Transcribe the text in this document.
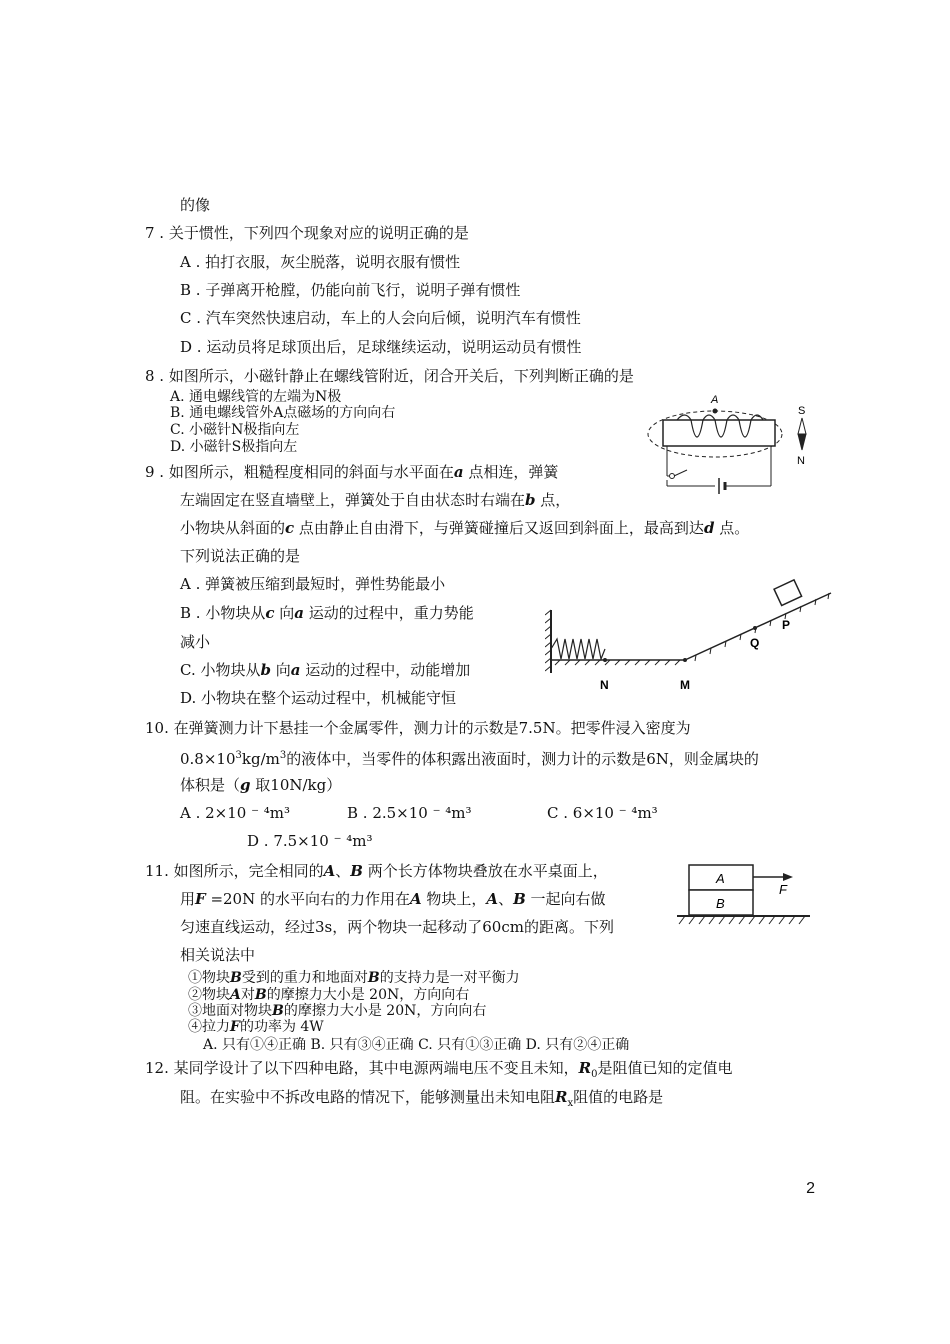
的像
7 . 关于惯性，下列四个现象对应的说明正确的是
A . 拍打衣服，灰尘脱落，说明衣服有惯性
B . 子弹离开枪膛，仍能向前飞行，说明子弹有惯性
C . 汽车突然快速启动，车上的人会向后倾，说明汽车有惯性
D . 运动员将足球顶出后，足球继续运动，说明运动员有惯性
8 . 如图所示，小磁针静止在螺线管附近，闭合开关后，下列判断正确的是
A. 通电螺线管的左端为N极
B. 通电螺线管外A点磁场的方向向右
C. 小磁针N极指向左
D. 小磁针S极指向左
A
S
N
9 . 如图所示，粗糙程度相同的斜面与水平面在a 点相连，弹簧
左端固定在竖直墙壁上，弹簧处于自由状态时右端在b 点，
小物块从斜面的c 点由静止自由滑下，与弹簧碰撞后又返回到斜面上，最高到达d 点。
下列说法正确的是
A . 弹簧被压缩到最短时，弹性势能最小
B . 小物块从c 向a 运动的过程中，重力势能
减小
C. 小物块从b 向a 运动的过程中，动能增加
D. 小物块在整个运动过程中，机械能守恒
N	M
Q
P
10. 在弹簧测力计下悬挂一个金属零件，测力计的示数是7.5N。把零件浸入密度为
$0.8\times 10^3kg/m^3$的液体中，当零件的体积露出液面时，测力计的示数是6N，则金属块的
体积是（g 取10N/kg）
A . 2×10 ⁻ ⁴m³	B . 2.5×10 ⁻ ⁴m³	C . 6×10 ⁻ ⁴m³
D . 7.5×10 ⁻ ⁴m³
11. 如图所示，完全相同的A、B 两个长方体物块叠放在水平桌面上，
用F =20N 的水平向右的力作用在A 物块上，A、B 一起向右做
匀速直线运动，经过3s，两个物块一起移动了60cm的距离。下列
相关说法中
①物块B受到的重力和地面对B的支持力是一对平衡力
②物块A对B的摩擦力大小是 20N，方向向右
③地面对物块B的摩擦力大小是 20N，方向向右
④拉力F的功率为 4W
A. 只有①④正确 B. 只有③④正确 C. 只有①③正确 D. 只有②④正确
A
B
F
12. 某同学设计了以下四种电路，其中电源两端电压不变且未知，$R_0$是阻值已知的定值电
阻。在实验中不拆改电路的情况下，能够测量出未知电阻$R_x$阻值的电路是
2
